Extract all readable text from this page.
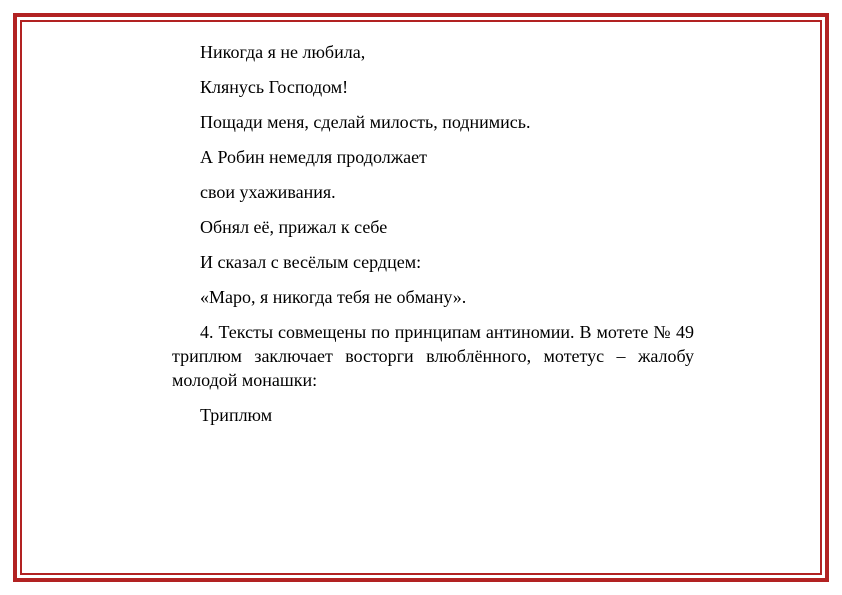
Никогда я не любила,

Клянусь Господом!

Пощади меня, сделай милость, поднимись.

А Робин немедля продолжает

свои ухаживания.

Обнял её, прижал к себе

И сказал с весёлым сердцем:

«Маро, я никогда тебя не обману».

4. Тексты совмещены по принципам антиномии. В мотете № 49 триплюм заключает восторги влюблённого, мотетус – жалобу молодой монашки:

Триплюм
